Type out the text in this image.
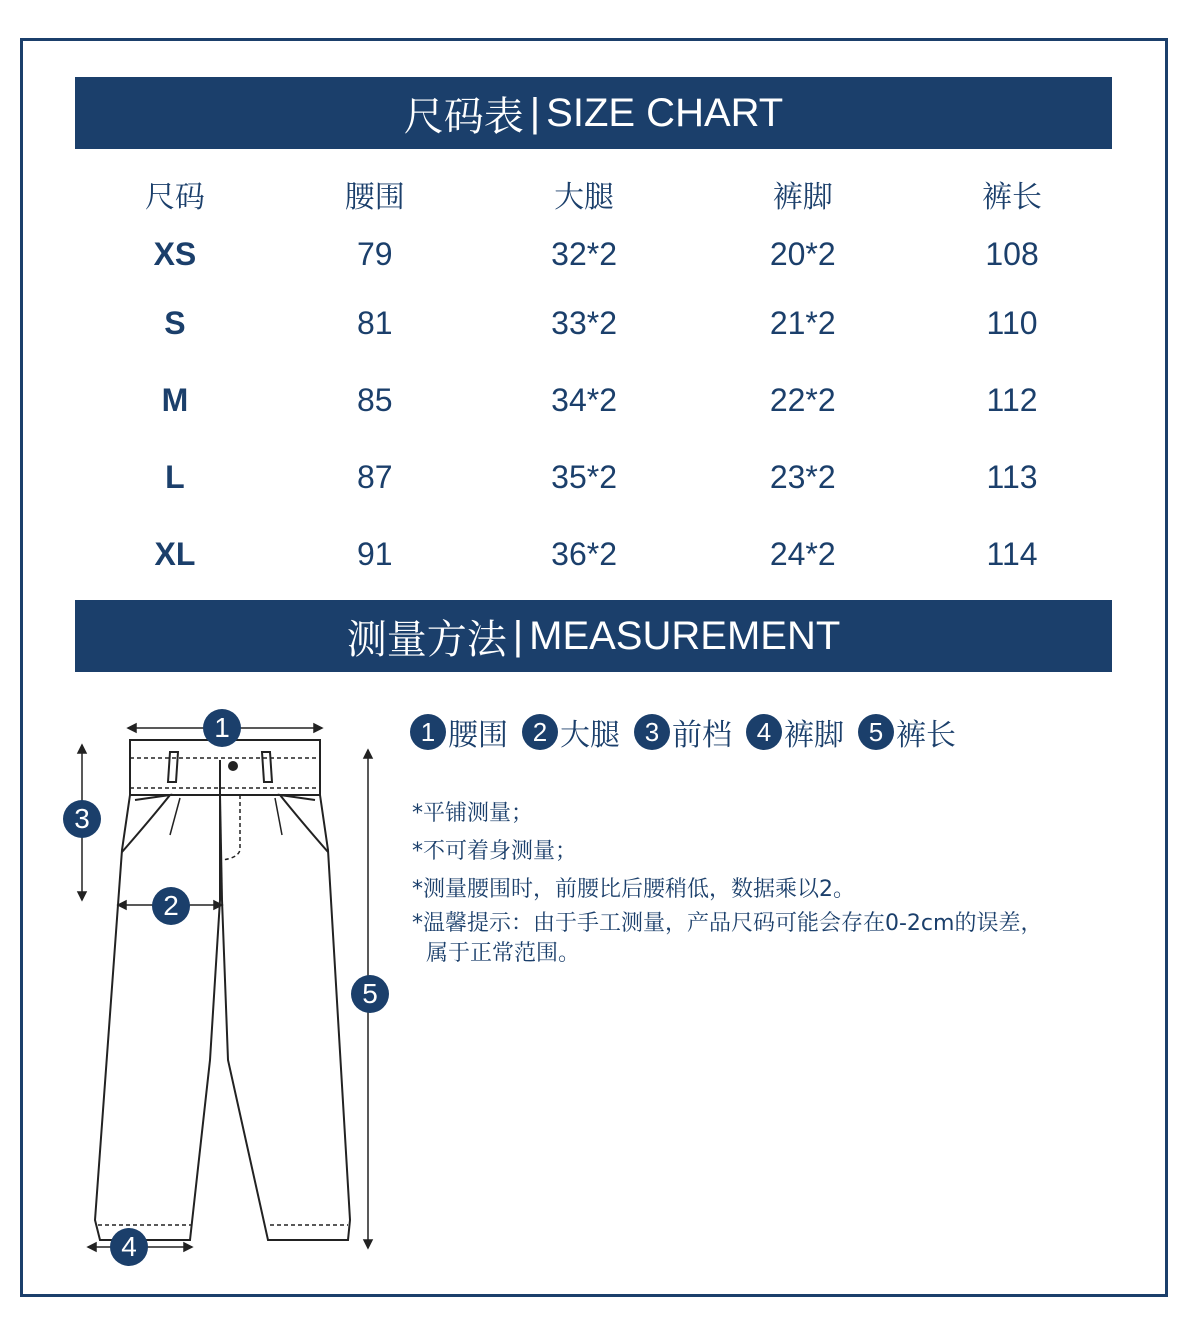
尺码表 | SIZE CHART
尺码	腰围	大腿	裤脚	裤长
XS	79	32*2	20*2	108
S	81	33*2	21*2	110
M	85	34*2	22*2	112
L	87	35*2	23*2	113
XL	91	36*2	24*2	114
测量方法 | MEASUREMENT
1
2
3
4
5
1 腰围 2 大腿 3 前档 4 裤脚 5 裤长
*平铺测量；
*不可着身测量；
*测量腰围时，前腰比后腰稍低，数据乘以2。
*温馨提示：由于手工测量，产品尺码可能会存在0-2cm的误差，
属于正常范围。
